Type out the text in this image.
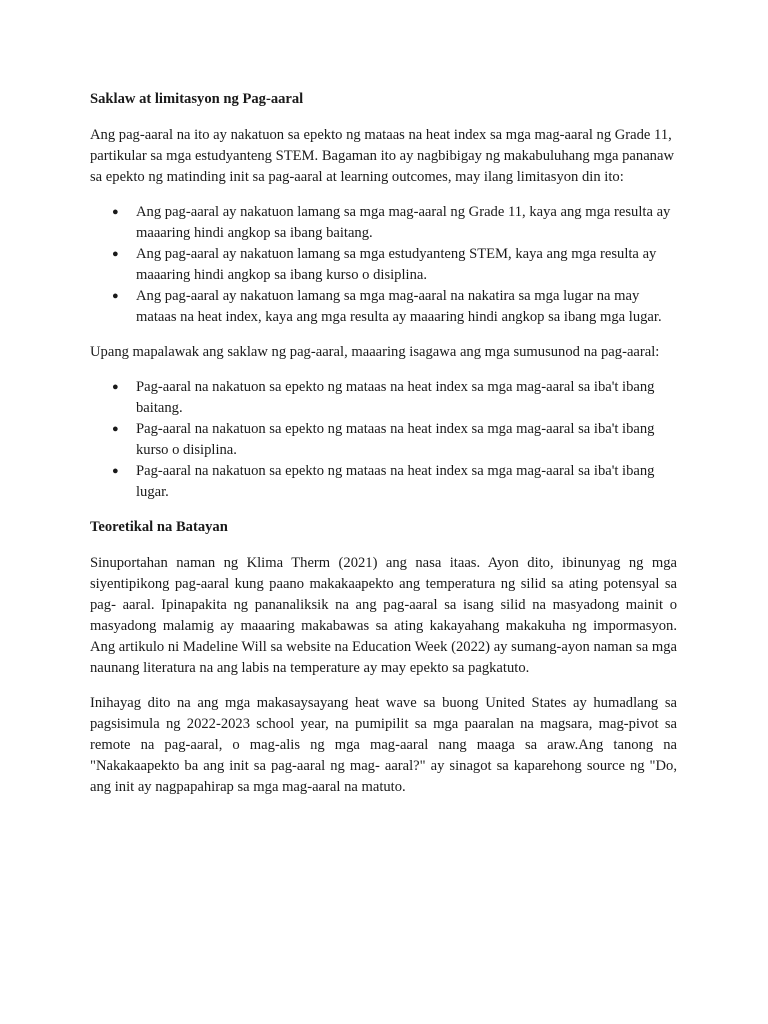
Saklaw at limitasyon ng Pag-aaral

Ang pag-aaral na ito ay nakatuon sa epekto ng mataas na heat index sa mga mag-aaral ng Grade 11, partikular sa mga estudyanteng STEM. Bagaman ito ay nagbibigay ng makabuluhang mga pananaw sa epekto ng matinding init sa pag-aaral at learning outcomes, may ilang limitasyon din ito:

● Ang pag-aaral ay nakatuon lamang sa mga mag-aaral ng Grade 11, kaya ang mga resulta ay maaaring hindi angkop sa ibang baitang.
● Ang pag-aaral ay nakatuon lamang sa mga estudyanteng STEM, kaya ang mga resulta ay maaaring hindi angkop sa ibang kurso o disiplina.
● Ang pag-aaral ay nakatuon lamang sa mga mag-aaral na nakatira sa mga lugar na may mataas na heat index, kaya ang mga resulta ay maaaring hindi angkop sa ibang mga lugar.

Upang mapalawak ang saklaw ng pag-aaral, maaaring isagawa ang mga sumusunod na pag-aaral:

● Pag-aaral na nakatuon sa epekto ng mataas na heat index sa mga mag-aaral sa iba't ibang baitang.
● Pag-aaral na nakatuon sa epekto ng mataas na heat index sa mga mag-aaral sa iba't ibang kurso o disiplina.
● Pag-aaral na nakatuon sa epekto ng mataas na heat index sa mga mag-aaral sa iba't ibang lugar.
Teoretikal na Batayan

Sinuportahan naman ng Klima Therm (2021) ang nasa itaas. Ayon dito, ibinunyag ng mga siyentipikong pag-aaral kung paano makakaapekto ang temperatura ng silid sa ating potensyal sa pag- aaral. Ipinapakita ng pananaliksik na ang pag-aaral sa isang silid na masyadong mainit o masyadong malamig ay maaaring makabawas sa ating kakayahang makakuha ng impormasyon. Ang artikulo ni Madeline Will sa website na Education Week (2022) ay sumang-ayon naman sa mga naunang literatura na ang labis na temperature ay may epekto sa pagkatuto.

Inihayag dito na ang mga makasaysayang heat wave sa buong United States ay humadlang sa pagsisimula ng 2022-2023 school year, na pumipilit sa mga paaralan na magsara, mag-pivot sa remote na pag-aaral, o mag-alis ng mga mag-aaral nang maaga sa araw.Ang tanong na "Nakakaapekto ba ang init sa pag-aaral ng mag- aaral?" ay sinagot sa kaparehong source ng "Do, ang init ay nagpapahirap sa mga mag-aaral na matuto.
